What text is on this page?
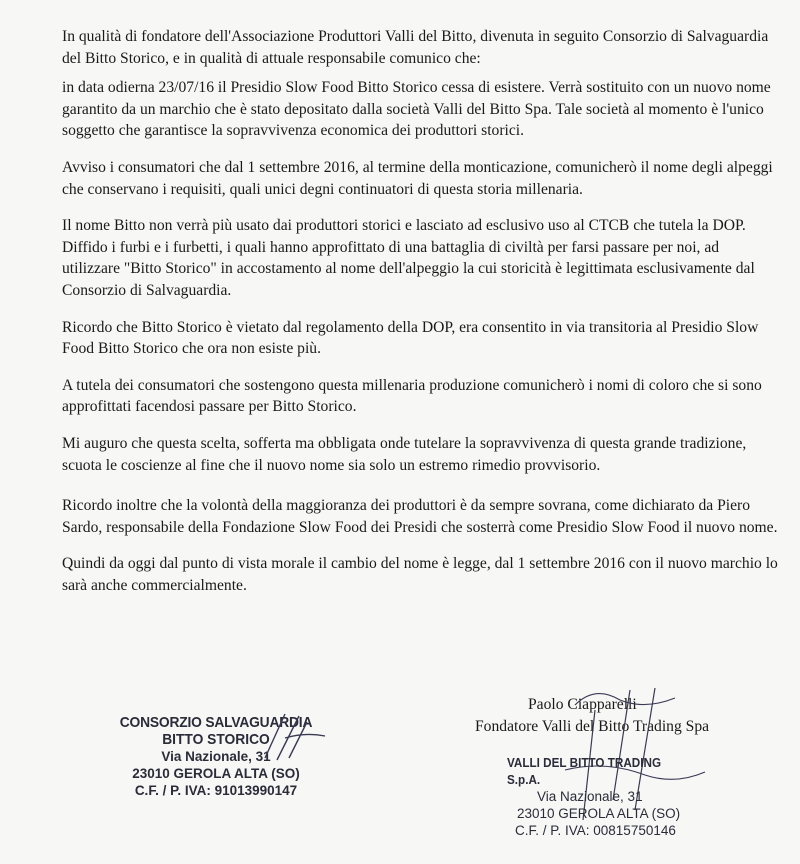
In qualità di fondatore dell'Associazione Produttori Valli del Bitto, divenuta in seguito Consorzio di Salvaguardia del Bitto Storico, e in qualità di attuale responsabile comunico che:

in data odierna 23/07/16 il Presidio Slow Food Bitto Storico cessa di esistere. Verrà sostituito con un nuovo nome garantito da un marchio che è stato depositato dalla società Valli del Bitto Spa. Tale società al momento è l'unico soggetto che garantisce la sopravvivenza economica dei produttori storici.

Avviso i consumatori che dal 1 settembre 2016, al termine della monticazione, comunicherò il nome degli alpeggi che conservano i requisiti, quali unici degni continuatori di questa storia millenaria.

Il nome Bitto non verrà più usato dai produttori storici e lasciato ad esclusivo uso al CTCB che tutela la DOP.

Diffido i furbi e i furbetti, i quali hanno approfittato di una battaglia di civiltà per farsi passare per noi, ad utilizzare "Bitto Storico" in accostamento al nome dell'alpeggio la cui storicità è legittimata esclusivamente dal Consorzio di Salvaguardia.

Ricordo che Bitto Storico è vietato dal regolamento della DOP, era consentito in via transitoria al Presidio Slow Food Bitto Storico che ora non esiste più.

A tutela dei consumatori che sostengono questa millenaria produzione comunicherò i nomi di coloro che si sono approfittati facendosi passare per Bitto Storico.

Mi auguro che questa scelta, sofferta ma obbligata onde tutelare la sopravvivenza di questa grande tradizione, scuota le coscienze al fine che il nuovo nome sia solo un estremo rimedio provvisorio.

Ricordo inoltre che la volontà della maggioranza dei produttori è da sempre sovrana, come dichiarato da Piero Sardo, responsabile della Fondazione Slow Food dei Presidi che sosterrà come Presidio Slow Food il nuovo nome.

Quindi da oggi dal punto di vista morale il cambio del nome è legge, dal 1 settembre 2016 con il nuovo marchio lo sarà anche commercialmente.

CONSORZIO SALVAGUARDIA
BITTO STORICO
Via Nazionale, 31
23010 GEROLA ALTA (SO)
C.F. / P. IVA: 91013990147
Paolo Ciapparelli
Fondatore Valli del Bitto Trading Spa
VALLI DEL BITTO TRADING S.p.A.
Via Nazionale, 31
23010 GEROLA ALTA (SO)
C.F. / P. IVA: 00815750146
